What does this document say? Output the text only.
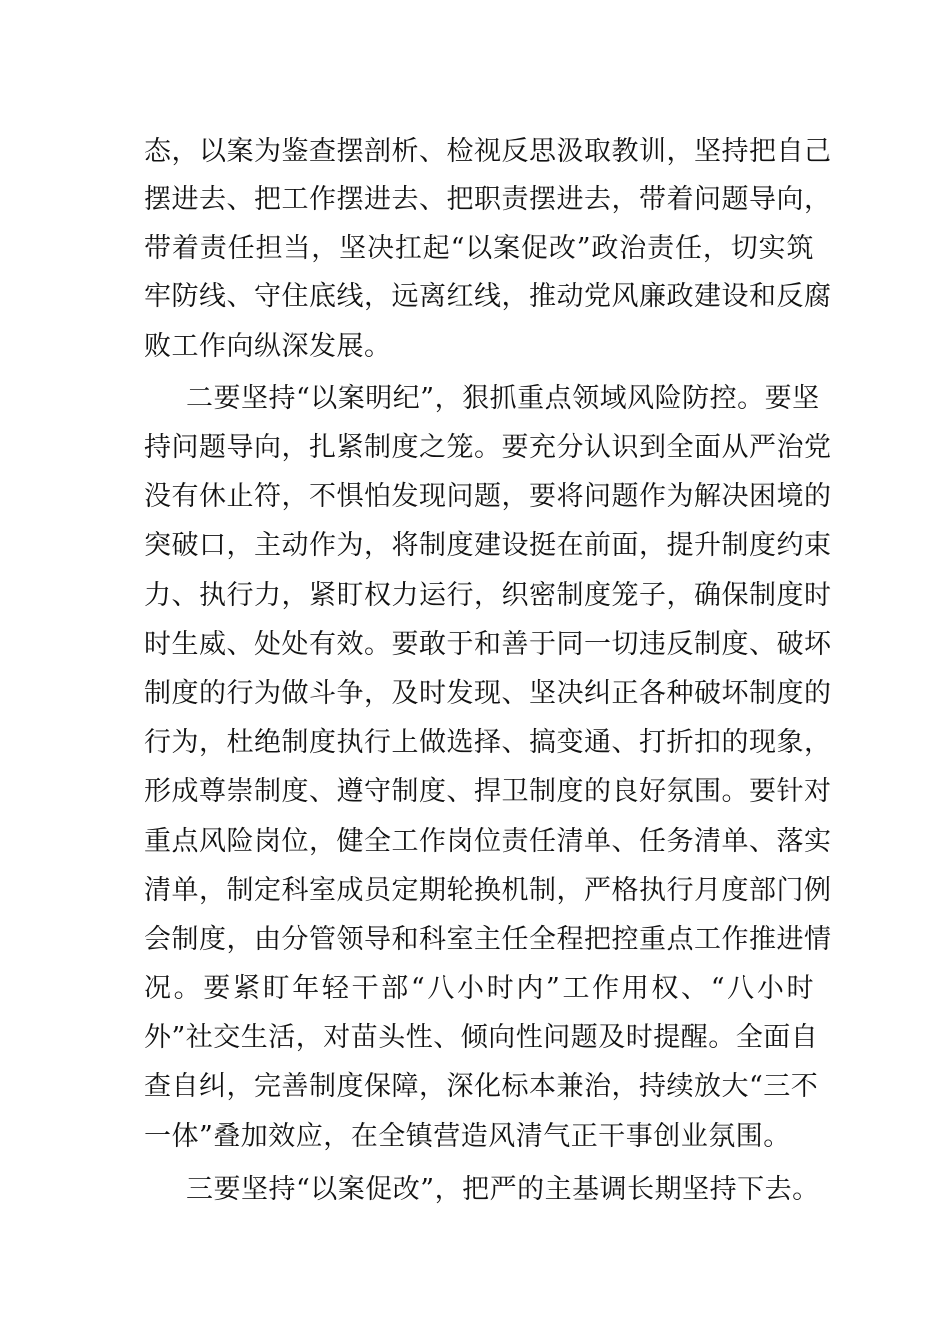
态，以案为鉴查摆剖析、检视反思汲取教训，坚持把自己
摆进去、把工作摆进去、把职责摆进去，带着问题导向，
带着责任担当，坚决扛起“以案促改”政治责任，切实筑
牢防线、守住底线，远离红线，推动党风廉政建设和反腐
败工作向纵深发展。
二要坚持“以案明纪”，狠抓重点领域风险防控。要坚
持问题导向，扎紧制度之笼。要充分认识到全面从严治党
没有休止符，不惧怕发现问题，要将问题作为解决困境的
突破口，主动作为，将制度建设挺在前面，提升制度约束
力、执行力，紧盯权力运行，织密制度笼子，确保制度时
时生威、处处有效。要敢于和善于同一切违反制度、破坏
制度的行为做斗争，及时发现、坚决纠正各种破坏制度的
行为，杜绝制度执行上做选择、搞变通、打折扣的现象，
形成尊崇制度、遵守制度、捍卫制度的良好氛围。要针对
重点风险岗位，健全工作岗位责任清单、任务清单、落实
清单，制定科室成员定期轮换机制，严格执行月度部门例
会制度，由分管领导和科室主任全程把控重点工作推进情
况。要紧盯年轻干部“八小时内”工作用权、“八小时
外”社交生活，对苗头性、倾向性问题及时提醒。全面自
查自纠，完善制度保障，深化标本兼治，持续放大“三不
一体”叠加效应，在全镇营造风清气正干事创业氛围。
三要坚持“以案促改”，把严的主基调长期坚持下去。
